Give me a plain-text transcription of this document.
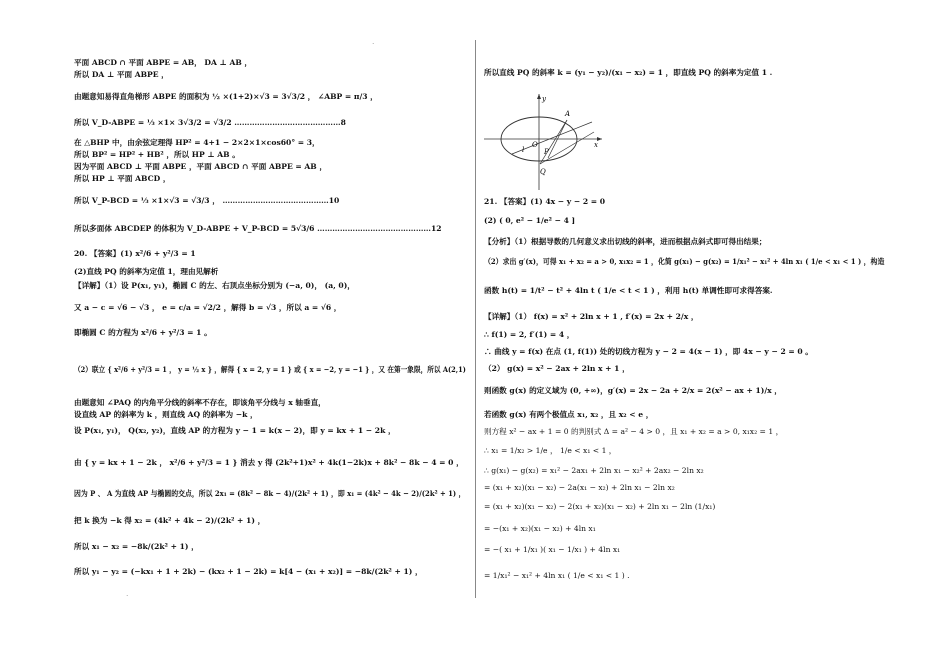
·
·
平面 ABCD ∩ 平面 ABPE = AB， DA ⊥ AB ，
所以 DA ⊥ 平面 ABPE ，
由题意知易得直角梯形 ABPE 的面积为 ½ ×(1+2)×√3 = 3√3/2 ， ∠ABP = π/3 ，
所以 V_D-ABPE = ⅓ ×1× 3√3/2 = √3/2 ……………………………………8
在 △BHP 中，由余弦定理得 HP² = 4+1 − 2×2×1×cos60° = 3，
所以 BP² = HP² + HB² ，所以 HP ⊥ AB 。
因为平面 ABCD ⊥ 平面 ABPE ，平面 ABCD ∩ 平面 ABPE = AB ，
所以 HP ⊥ 平面 ABCD ，
所以 V_P-BCD = ⅓ ×1×√3 = √3/3 ， ……………………………………10
所以多面体 ABCDEP 的体积为 V_D-ABPE + V_P-BCD = 5√3/6 ………………………………………12
20. 【答案】(1) x²/6 + y²/3 = 1
(2)直线 PQ 的斜率为定值 1，理由见解析
【详解】（1）设 P(x₁, y₁)，椭圆 C 的左、右顶点坐标分别为 (−a, 0)， (a, 0)，
又 a − c = √6 − √3 ， e = c/a = √2/2 ，解得 b = √3 ，所以 a = √6 ，
即椭圆 C 的方程为 x²/6 + y²/3 = 1 。
（2）联立 { x²/6 + y²/3 = 1 ， y = ½ x } ，解得 { x = 2, y = 1 } 或 { x = −2, y = −1 } ，又 在第一象限，所以 A(2,1)
由题意知 ∠PAQ 的内角平分线的斜率不存在，即该角平分线与 x 轴垂直，
设直线 AP 的斜率为 k ，则直线 AQ 的斜率为 −k ，
设 P(x₁, y₁)， Q(x₂, y₂)，直线 AP 的方程为 y − 1 = k(x − 2)，即 y = kx + 1 − 2k ，
由 { y = kx + 1 − 2k ， x²/6 + y²/3 = 1 } 消去 y 得 (2k²+1)x² + 4k(1−2k)x + 8k² − 8k − 4 = 0 ，
因为 P 、 A 为直线 AP 与椭圆的交点，所以 2x₁ = (8k² − 8k − 4)/(2k² + 1) ，即 x₁ = (4k² − 4k − 2)/(2k² + 1) ，
把 k 换为 −k 得 x₂ = (4k² + 4k − 2)/(2k² + 1) ，
所以 x₁ − x₂ = −8k/(2k² + 1) ，
所以 y₁ − y₂ = (−kx₁ + 1 + 2k) − (kx₂ + 1 − 2k) = k[4 − (x₁ + x₂)] = −8k/(2k² + 1) ，
所以直线 PQ 的斜率 k = (y₁ − y₂)/(x₁ − x₂) = 1 ，即直线 PQ 的斜率为定值 1 .
21. 【答案】(1) 4x − y − 2 = 0
(2) ( 0, e² − 1/e² − 4 ]
【分析】（1）根据导数的几何意义求出切线的斜率，进而根据点斜式即可得出结果；
（2）求出 g′(x)，可得 x₁ + x₂ = a > 0, x₁x₂ = 1 ，化简 g(x₁) − g(x₂) = 1/x₁² − x₁² + 4ln x₁ ( 1/e < x₁ < 1 ) ，构造
函数 h(t) = 1/t² − t² + 4ln t ( 1/e < t < 1 ) ，利用 h(t) 单调性即可求得答案.
【详解】（1） f(x) = x² + 2ln x + 1 , f′(x) = 2x + 2/x ，
∴ f(1) = 2, f′(1) = 4 ，
∴ 曲线 y = f(x) 在点 (1, f(1)) 处的切线方程为 y − 2 = 4(x − 1) ，即 4x − y − 2 = 0 。
（2） g(x) = x² − 2ax + 2ln x + 1 ，
则函数 g(x) 的定义域为 (0, +∞)，g′(x) = 2x − 2a + 2/x = 2(x² − ax + 1)/x ，
若函数 g(x) 有两个极值点 x₁, x₂ ，且 x₂ < e ，
则方程 x² − ax + 1 = 0 的判别式 Δ = a² − 4 > 0 ，且 x₁ + x₂ = a > 0, x₁x₂ = 1 ，
∴ x₁ = 1/x₂ > 1/e ， 1/e < x₁ < 1 ，
∴ g(x₁) − g(x₂) = x₁² − 2ax₁ + 2ln x₁ − x₂² + 2ax₂ − 2ln x₂
= (x₁ + x₂)(x₁ − x₂) − 2a(x₁ − x₂) + 2ln x₁ − 2ln x₂
= (x₁ + x₂)(x₁ − x₂) − 2(x₁ + x₂)(x₁ − x₂) + 2ln x₁ − 2ln (1/x₁)
= −(x₁ + x₂)(x₁ − x₂) + 4ln x₁
= −( x₁ + 1/x₁ )( x₁ − 1/x₁ ) + 4ln x₁
= 1/x₁² − x₁² + 4ln x₁ ( 1/e < x₁ < 1 ) .
y
A
O	x
l	P
Q
